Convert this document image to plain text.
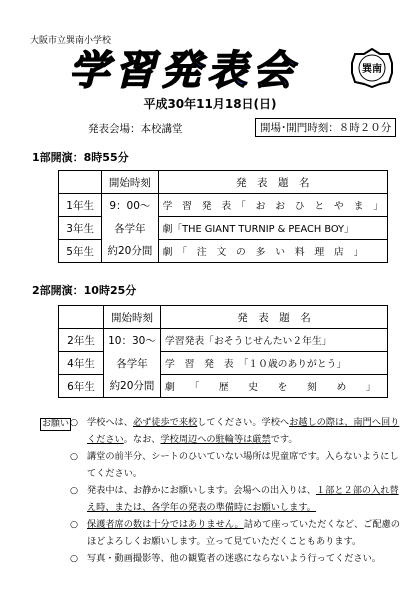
大阪市立巽南小学校
学習発表会	巽南
平成30年11月18日(日)
発表会場：本校講堂	開場･開門時刻：８時２０分
1部開演：8時55分
	開始時刻	発　表　題　名
1年生	9：00～	学　習　発　表　「　お　お　ひ　と　や　ま　」
3年生	各学年	劇「THE GIANT TURNIP & PEACH BOY」
5年生	約20分間	劇　「　注　文　の　多　い　料　理　店　」
2部開演：10時25分
	開始時刻	発　表　題　名
2年生	10：30～	学習発表「おそうじせんたい２年生」
4年生	各学年	学　習　発　表　「１０歳のありがとう」
6年生	約20分間	劇　　「　　歴　　史　　を　　刻　　め　　」
お願い ○ 学校へは、必ず徒歩で来校してください。学校へお越しの際は、南門へ回りください。なお、学校周辺への駐輪等は厳禁です。
○ 講堂の前半分、シートのひいていない場所は児童席です。入らないようにしてください。
○ 発表中は、お静かにお願いします。会場への出入りは、１部と２部の入れ替え時、または、各学年の発表の準備時にお願いします。
○ 保護者席の数は十分ではありません。詰めて座っていただくなど、ご配慮のほどよろしくお願いします。立って見ていただくこともあります。
○ 写真・動画撮影等、他の観覧者の迷惑にならないよう行ってください。
